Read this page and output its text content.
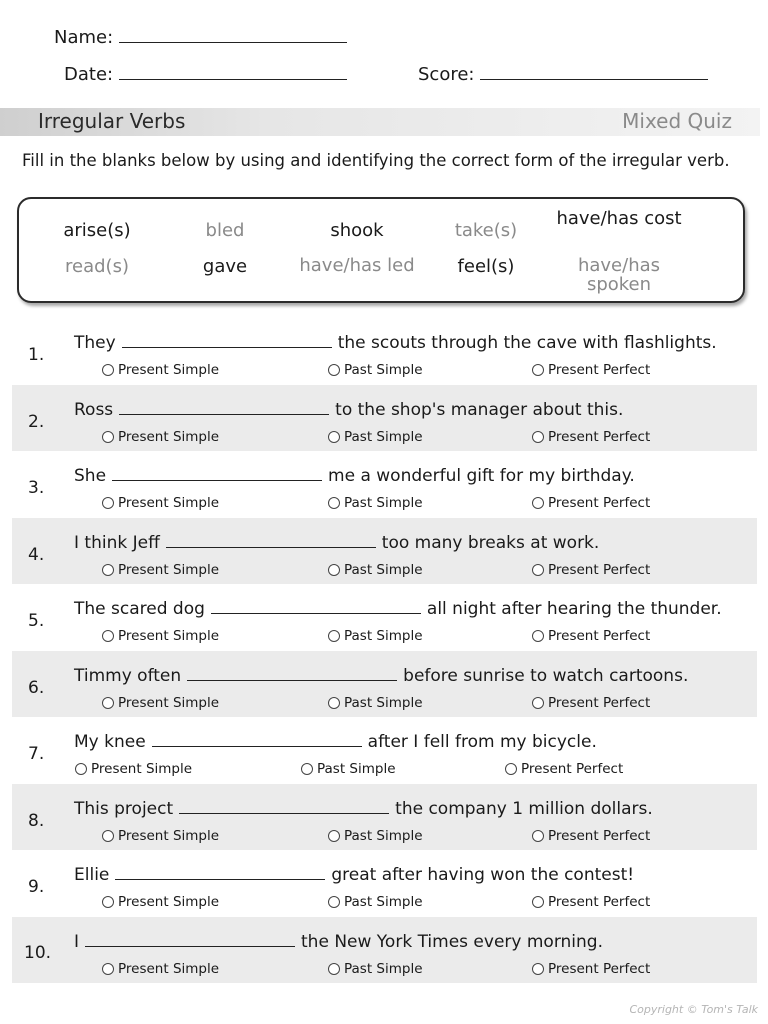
Name:
Date:	Score:
Irregular Verbs	Mixed Quiz
Fill in the blanks below by using and identifying the correct form of the irregular verb.
arise(s)	bled	shook	take(s)
have/has cost
read(s)	gave	have/has led	feel(s)	have/has spoken
1.
They	the scouts through the cave with flashlights.
Present Simple	Past Simple	Present Perfect
2.
Ross	to the shop's manager about this.
Present Simple	Past Simple	Present Perfect
3.
She	me a wonderful gift for my birthday.
Present Simple	Past Simple	Present Perfect
4.
I think Jeff	too many breaks at work.
Present Simple	Past Simple	Present Perfect
5.
The scared dog	all night after hearing the thunder.
Present Simple	Past Simple	Present Perfect
6.
Timmy often	before sunrise to watch cartoons.
Present Simple	Past Simple	Present Perfect
7.
My knee	after I fell from my bicycle.
Present Simple	Past Simple	Present Perfect
8.
This project	the company 1 million dollars.
Present Simple	Past Simple	Present Perfect
9.
Ellie	great after having won the contest!
Present Simple	Past Simple	Present Perfect
10.
I	the New York Times every morning.
Present Simple	Past Simple	Present Perfect
Copyright © Tom's Talk
